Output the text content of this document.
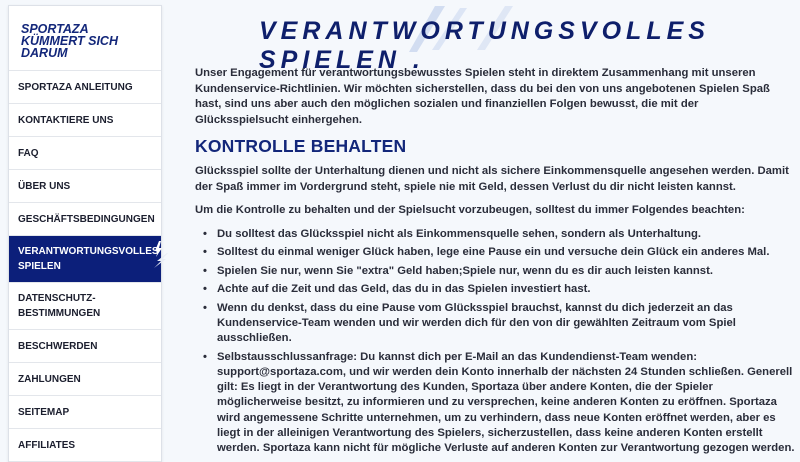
SPORTAZA KÜMMERT SICH DARUM
SPORTAZA ANLEITUNG
KONTAKTIERE UNS
FAQ
ÜBER UNS
GESCHÄFTSBEDINGUNGEN
VERANTWORTUNGSVOLLES SPIELEN
DATENSCHUTZ-BESTIMMUNGEN
BESCHWERDEN
ZAHLUNGEN
SEITEMAP
AFFILIATES
VERANTWORTUNGSVOLLES SPIELEN .

Unser Engagement für verantwortungsbewusstes Spielen steht in direktem Zusammenhang mit unseren Kundenservice-Richtlinien. Wir möchten sicherstellen, dass du bei den von uns angebotenen Spielen Spaß hast, sind uns aber auch den möglichen sozialen und finanziellen Folgen bewusst, die mit der Glücksspielsucht einhergehen.

KONTROLLE BEHALTEN

Glücksspiel sollte der Unterhaltung dienen und nicht als sichere Einkommensquelle angesehen werden. Damit der Spaß immer im Vordergrund steht, spiele nie mit Geld, dessen Verlust du dir nicht leisten kannst.

Um die Kontrolle zu behalten und der Spielsucht vorzubeugen, solltest du immer Folgendes beachten:

• Du solltest das Glücksspiel nicht als Einkommensquelle sehen, sondern als Unterhaltung.
• Solltest du einmal weniger Glück haben, lege eine Pause ein und versuche dein Glück ein anderes Mal.
• Spielen Sie nur, wenn Sie "extra" Geld haben;Spiele nur, wenn du es dir auch leisten kannst.
• Achte auf die Zeit und das Geld, das du in das Spielen investiert hast.
• Wenn du denkst, dass du eine Pause vom Glücksspiel brauchst, kannst du dich jederzeit an das Kundenservice-Team wenden und wir werden dich für den von dir gewählten Zeitraum vom Spiel ausschließen.
• Selbstausschlussanfrage: Du kannst dich per E-Mail an das Kundendienst-Team wenden: support@sportaza.com, und wir werden dein Konto innerhalb der nächsten 24 Stunden schließen. Generell gilt: Es liegt in der Verantwortung des Kunden, Sportaza über andere Konten, die der Spieler möglicherweise besitzt, zu informieren und zu versprechen, keine anderen Konten zu eröffnen. Sportaza wird angemessene Schritte unternehmen, um zu verhindern, dass neue Konten eröffnet werden, aber es liegt in der alleinigen Verantwortung des Spielers, sicherzustellen, dass keine anderen Konten erstellt werden. Sportaza kann nicht für mögliche Verluste auf anderen Konten zur Verantwortung gezogen werden.
